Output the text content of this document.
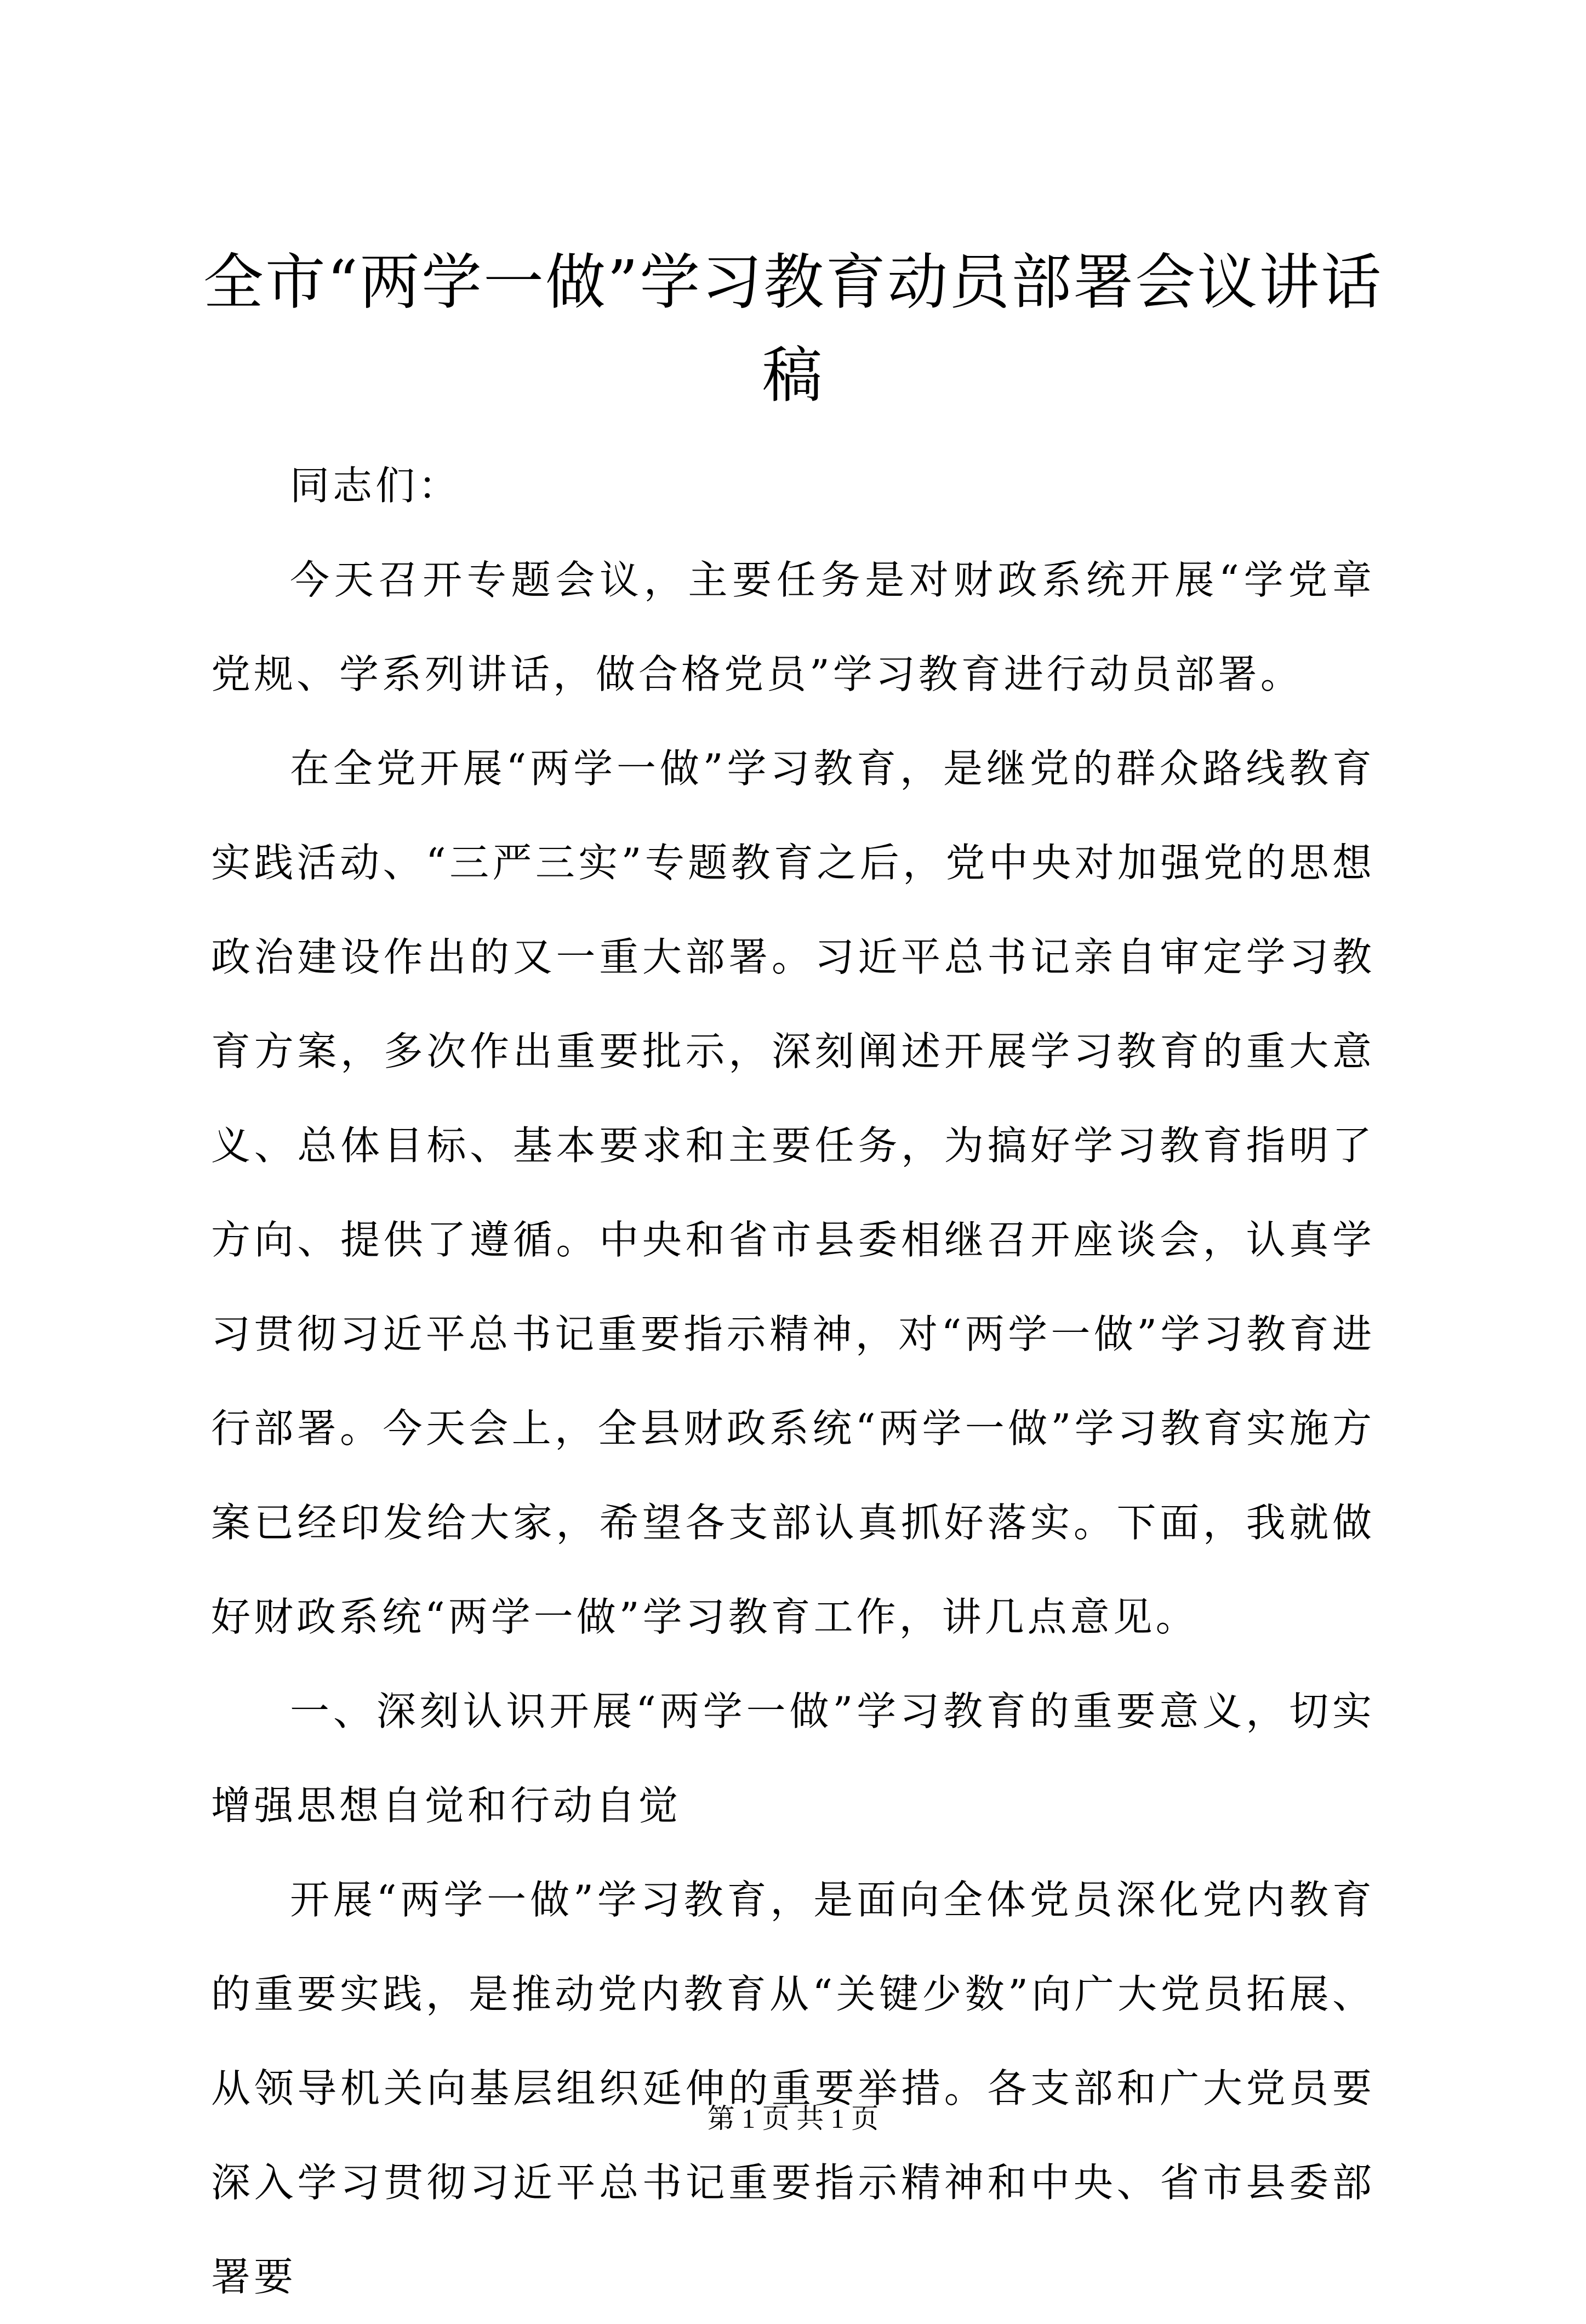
全市“两学一做”学习教育动员部署会议讲话稿

同志们：

今天召开专题会议，主要任务是对财政系统开展“学党章党规、学系列讲话，做合格党员”学习教育进行动员部署。

在全党开展“两学一做”学习教育，是继党的群众路线教育实践活动、“三严三实”专题教育之后，党中央对加强党的思想政治建设作出的又一重大部署。习近平总书记亲自审定学习教育方案，多次作出重要批示，深刻阐述开展学习教育的重大意义、总体目标、基本要求和主要任务，为搞好学习教育指明了方向、提供了遵循。中央和省市县委相继召开座谈会，认真学习贯彻习近平总书记重要指示精神，对“两学一做”学习教育进行部署。今天会上，全县财政系统“两学一做”学习教育实施方案已经印发给大家，希望各支部认真抓好落实。下面，我就做好财政系统“两学一做”学习教育工作，讲几点意见。

一、深刻认识开展“两学一做”学习教育的重要意义，切实增强思想自觉和行动自觉

开展“两学一做”学习教育，是面向全体党员深化党内教育的重要实践，是推动党内教育从“关键少数”向广大党员拓展、从领导机关向基层组织延伸的重要举措。各支部和广大党员要深入学习贯彻习近平总书记重要指示精神和中央、省市县委部署要

第 1 页 共 1 页
